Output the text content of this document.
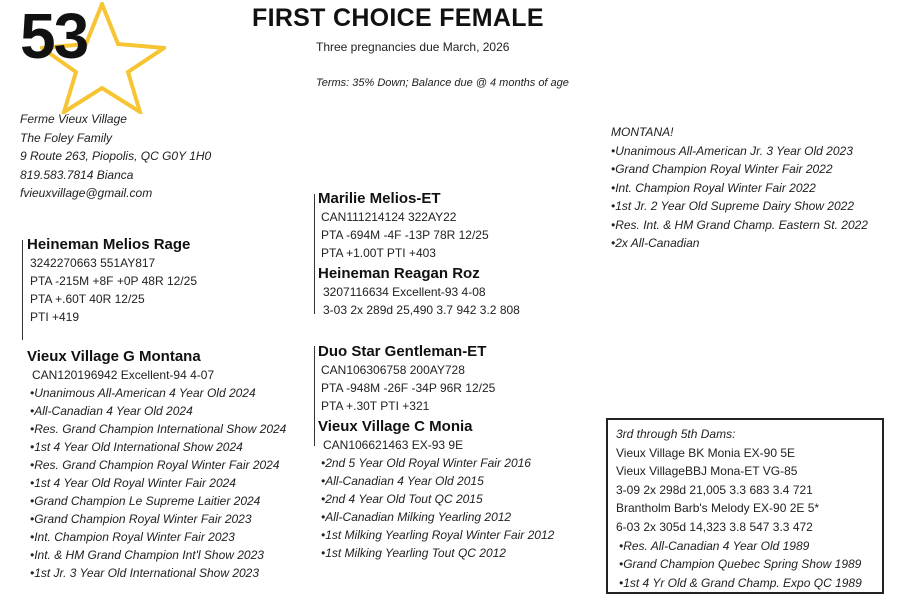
53	FIRST CHOICE FEMALE
Three pregnancies due March, 2026
Terms: 35% Down; Balance due @ 4 months of age
Ferme Vieux Village
The Foley Family
9 Route 263, Piopolis, QC G0Y 1H0
819.583.7814 Bianca
fvieuxvillage@gmail.com
Heineman Melios Rage
3242270663 551AY817
PTA -215M +8F +0P 48R 12/25
PTA +.60T 40R 12/25
PTI +419
Vieux Village G Montana
CAN120196942 Excellent-94 4-07
•Unanimous All-American 4 Year Old 2024
•All-Canadian 4 Year Old 2024
•Res. Grand Champion International Show 2024
•1st 4 Year Old International Show 2024
•Res. Grand Champion Royal Winter Fair 2024
•1st 4 Year Old Royal Winter Fair 2024
•Grand Champion Le Supreme Laitier 2024
•Grand Champion Royal Winter Fair 2023
•Int. Champion Royal Winter Fair 2023
•Int. & HM Grand Champion Int'l Show 2023
•1st Jr. 3 Year Old International Show 2023
Marilie Melios-ET
CAN111214124 322AY22
PTA -694M -4F -13P 78R 12/25
PTA +1.00T PTI +403
Heineman Reagan Roz
3207116634 Excellent-93 4-08
3-03 2x 289d 25,490 3.7 942 3.2 808
Duo Star Gentleman-ET
CAN106306758 200AY728
PTA -948M -26F -34P 96R 12/25
PTA +.30T PTI +321
Vieux Village C Monia
CAN106621463 EX-93 9E
•2nd 5 Year Old Royal Winter Fair 2016
•All-Canadian 4 Year Old 2015
•2nd 4 Year Old Tout QC 2015
•All-Canadian Milking Yearling 2012
•1st Milking Yearling Royal Winter Fair 2012
•1st Milking Yearling Tout QC 2012
MONTANA!
•Unanimous All-American Jr. 3 Year Old 2023
•Grand Champion Royal Winter Fair 2022
•Int. Champion Royal Winter Fair 2022
•1st Jr. 2 Year Old Supreme Dairy Show 2022
•Res. Int. & HM Grand Champ. Eastern St. 2022
•2x All-Canadian
3rd through 5th Dams:
Vieux Village BK Monia EX-90 5E
Vieux VillageBBJ Mona-ET VG-85
3-09 2x 298d 21,005 3.3 683 3.4 721
Brantholm Barb's Melody EX-90 2E 5*
6-03 2x 305d 14,323 3.8 547 3.3 472
•Res. All-Canadian 4 Year Old 1989
•Grand Champion Quebec Spring Show 1989
•1st 4 Yr Old & Grand Champ. Expo QC 1989
